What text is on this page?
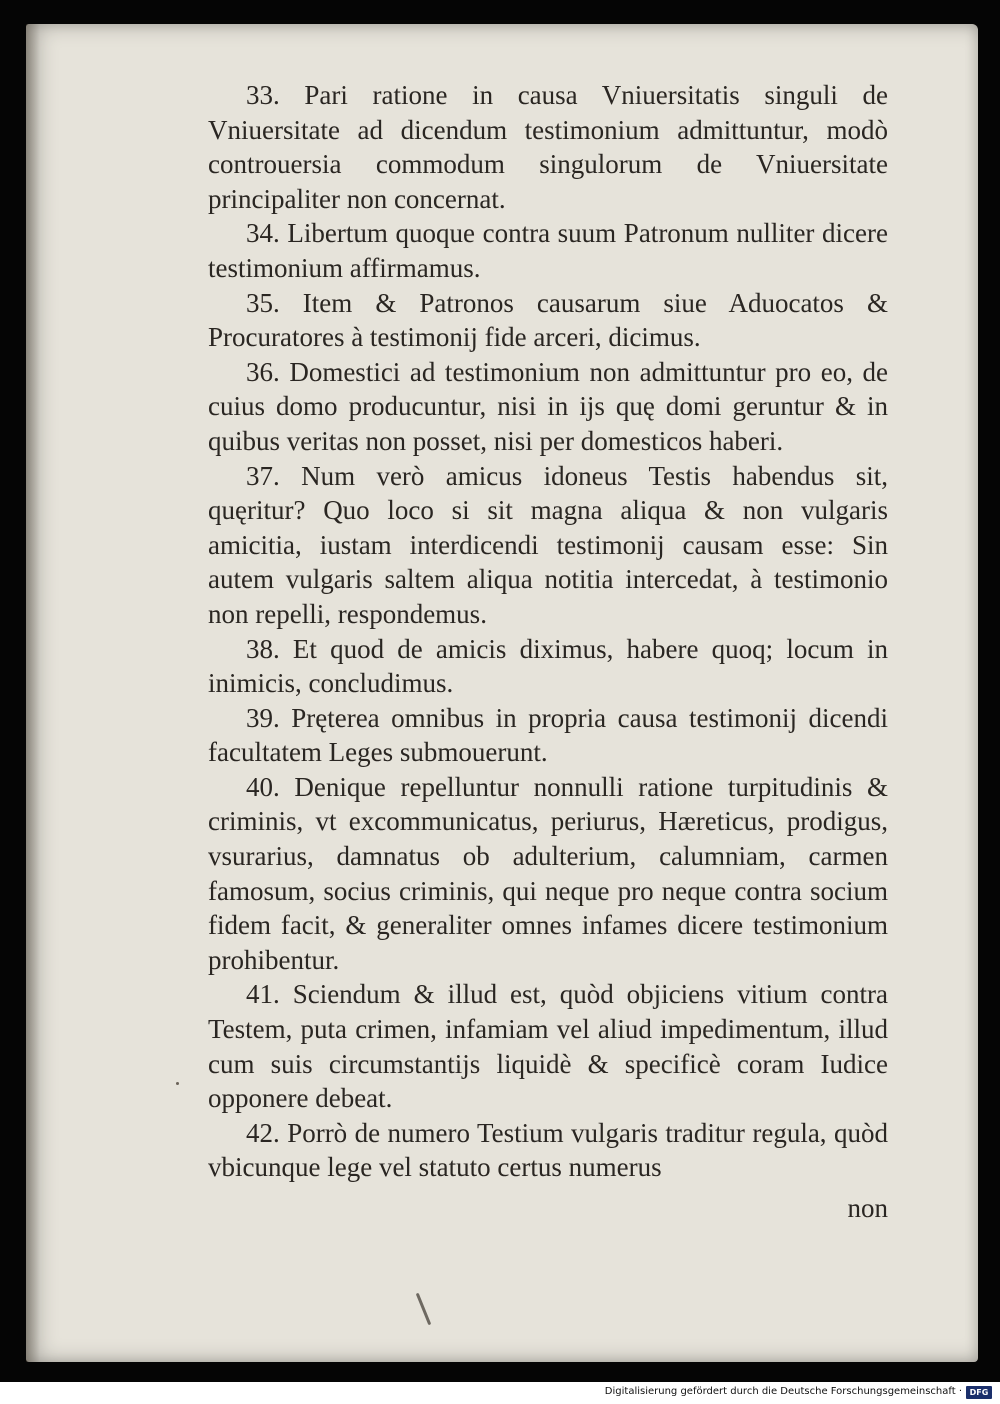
33. Pari ratione in causa Vniuersitatis singuli de Vniuersitate ad dicendum testimonium admittuntur, modò controuersia commodum singulorum de Vniuersitate principaliter non concernat.

34. Libertum quoque contra suum Patronum nulliter dicere testimonium affirmamus.

35. Item & Patronos causarum siue Aduocatos & Procuratores à testimonij fide arceri, dicimus.

36. Domestici ad testimonium non admittuntur pro eo, de cuius domo producuntur, nisi in ijs quę domi geruntur & in quibus veritas non posset, nisi per domesticos haberi.

37. Num verò amicus idoneus Testis habendus sit, quęritur? Quo loco si sit magna aliqua & non vulgaris amicitia, iustam interdicendi testimonij causam esse: Sin autem vulgaris saltem aliqua notitia intercedat, à testimonio non repelli, respondemus.

38. Et quod de amicis diximus, habere quoq; locum in inimicis, concludimus.

39. Pręterea omnibus in propria causa testimonij dicendi facultatem Leges submouerunt.

40. Denique repelluntur nonnulli ratione turpitudinis & criminis, vt excommunicatus, periurus, Hæreticus, prodigus, vsurarius, damnatus ob adulterium, calumniam, carmen famosum, socius criminis, qui neque pro neque contra socium fidem facit, & generaliter omnes infames dicere testimonium prohibentur.

41. Sciendum & illud est, quòd objiciens vitium contra Testem, puta crimen, infamiam vel aliud impedimentum, illud cum suis circumstantijs liquidè & specificè coram Iudice opponere debeat.

42. Porrò de numero Testium vulgaris traditur regula, quòd vbicunque lege vel statuto certus numerus

non

Digitalisierung gefördert durch die Deutsche Forschungsgemeinschaft · DFG
